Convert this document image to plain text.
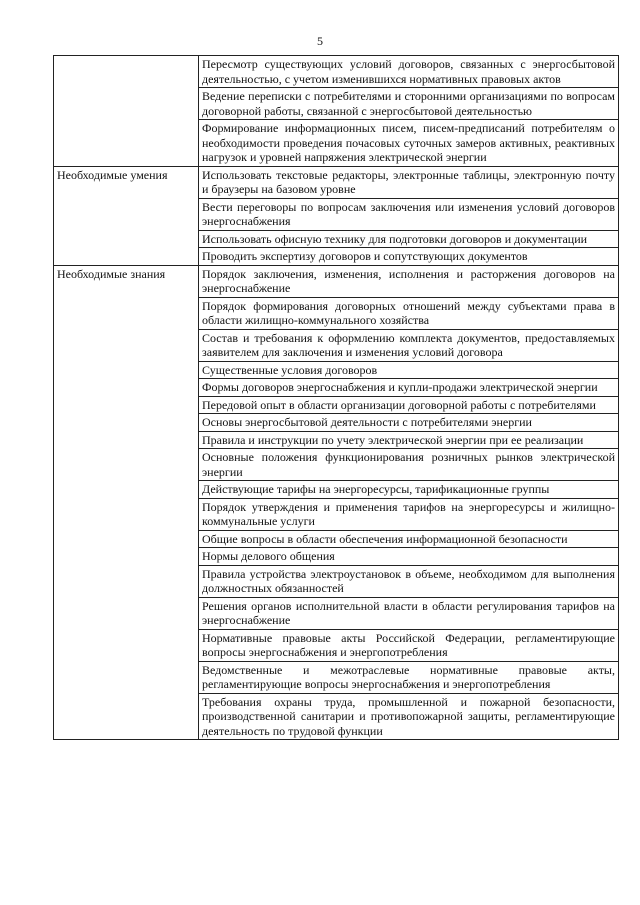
5
	Пересмотр существующих условий договоров, связанных с энергосбытовой деятельностью, с учетом изменившихся нормативных правовых актов
	Ведение переписки с потребителями и сторонними организациями по вопросам договорной работы, связанной с энергосбытовой деятельностью
	Формирование информационных писем, писем-предписаний потребителям о необходимости проведения почасовых суточных замеров активных, реактивных нагрузок и уровней напряжения электрической энергии
Необходимые умения	Использовать текстовые редакторы, электронные таблицы, электронную почту и браузеры на базовом уровне
	Вести переговоры по вопросам заключения или изменения условий договоров энергоснабжения
	Использовать офисную технику для подготовки договоров и документации
	Проводить экспертизу договоров и сопутствующих документов
Необходимые знания	Порядок заключения, изменения, исполнения и расторжения договоров на энергоснабжение
	Порядок формирования договорных отношений между субъектами права в области жилищно-коммунального хозяйства
	Состав и требования к оформлению комплекта документов, предоставляемых заявителем для заключения и изменения условий договора
	Существенные условия договоров
	Формы договоров энергоснабжения и купли-продажи электрической энергии
	Передовой опыт в области организации договорной работы с потребителями
	Основы энергосбытовой деятельности с потребителями энергии
	Правила и инструкции по учету электрической энергии при ее реализации
	Основные положения функционирования розничных рынков электрической энергии
	Действующие тарифы на энергоресурсы, тарификационные группы
	Порядок утверждения и применения тарифов на энергоресурсы и жилищно-коммунальные услуги
	Общие вопросы в области обеспечения информационной безопасности
	Нормы делового общения
	Правила устройства электроустановок в объеме, необходимом для выполнения должностных обязанностей
	Решения органов исполнительной власти в области регулирования тарифов на энергоснабжение
	Нормативные правовые акты Российской Федерации, регламентирующие вопросы энергоснабжения и энергопотребления
	Ведомственные и межотраслевые нормативные правовые акты, регламентирующие вопросы энергоснабжения и энергопотребления
	Требования охраны труда, промышленной и пожарной безопасности, производственной санитарии и противопожарной защиты, регламентирующие деятельность по трудовой функции
